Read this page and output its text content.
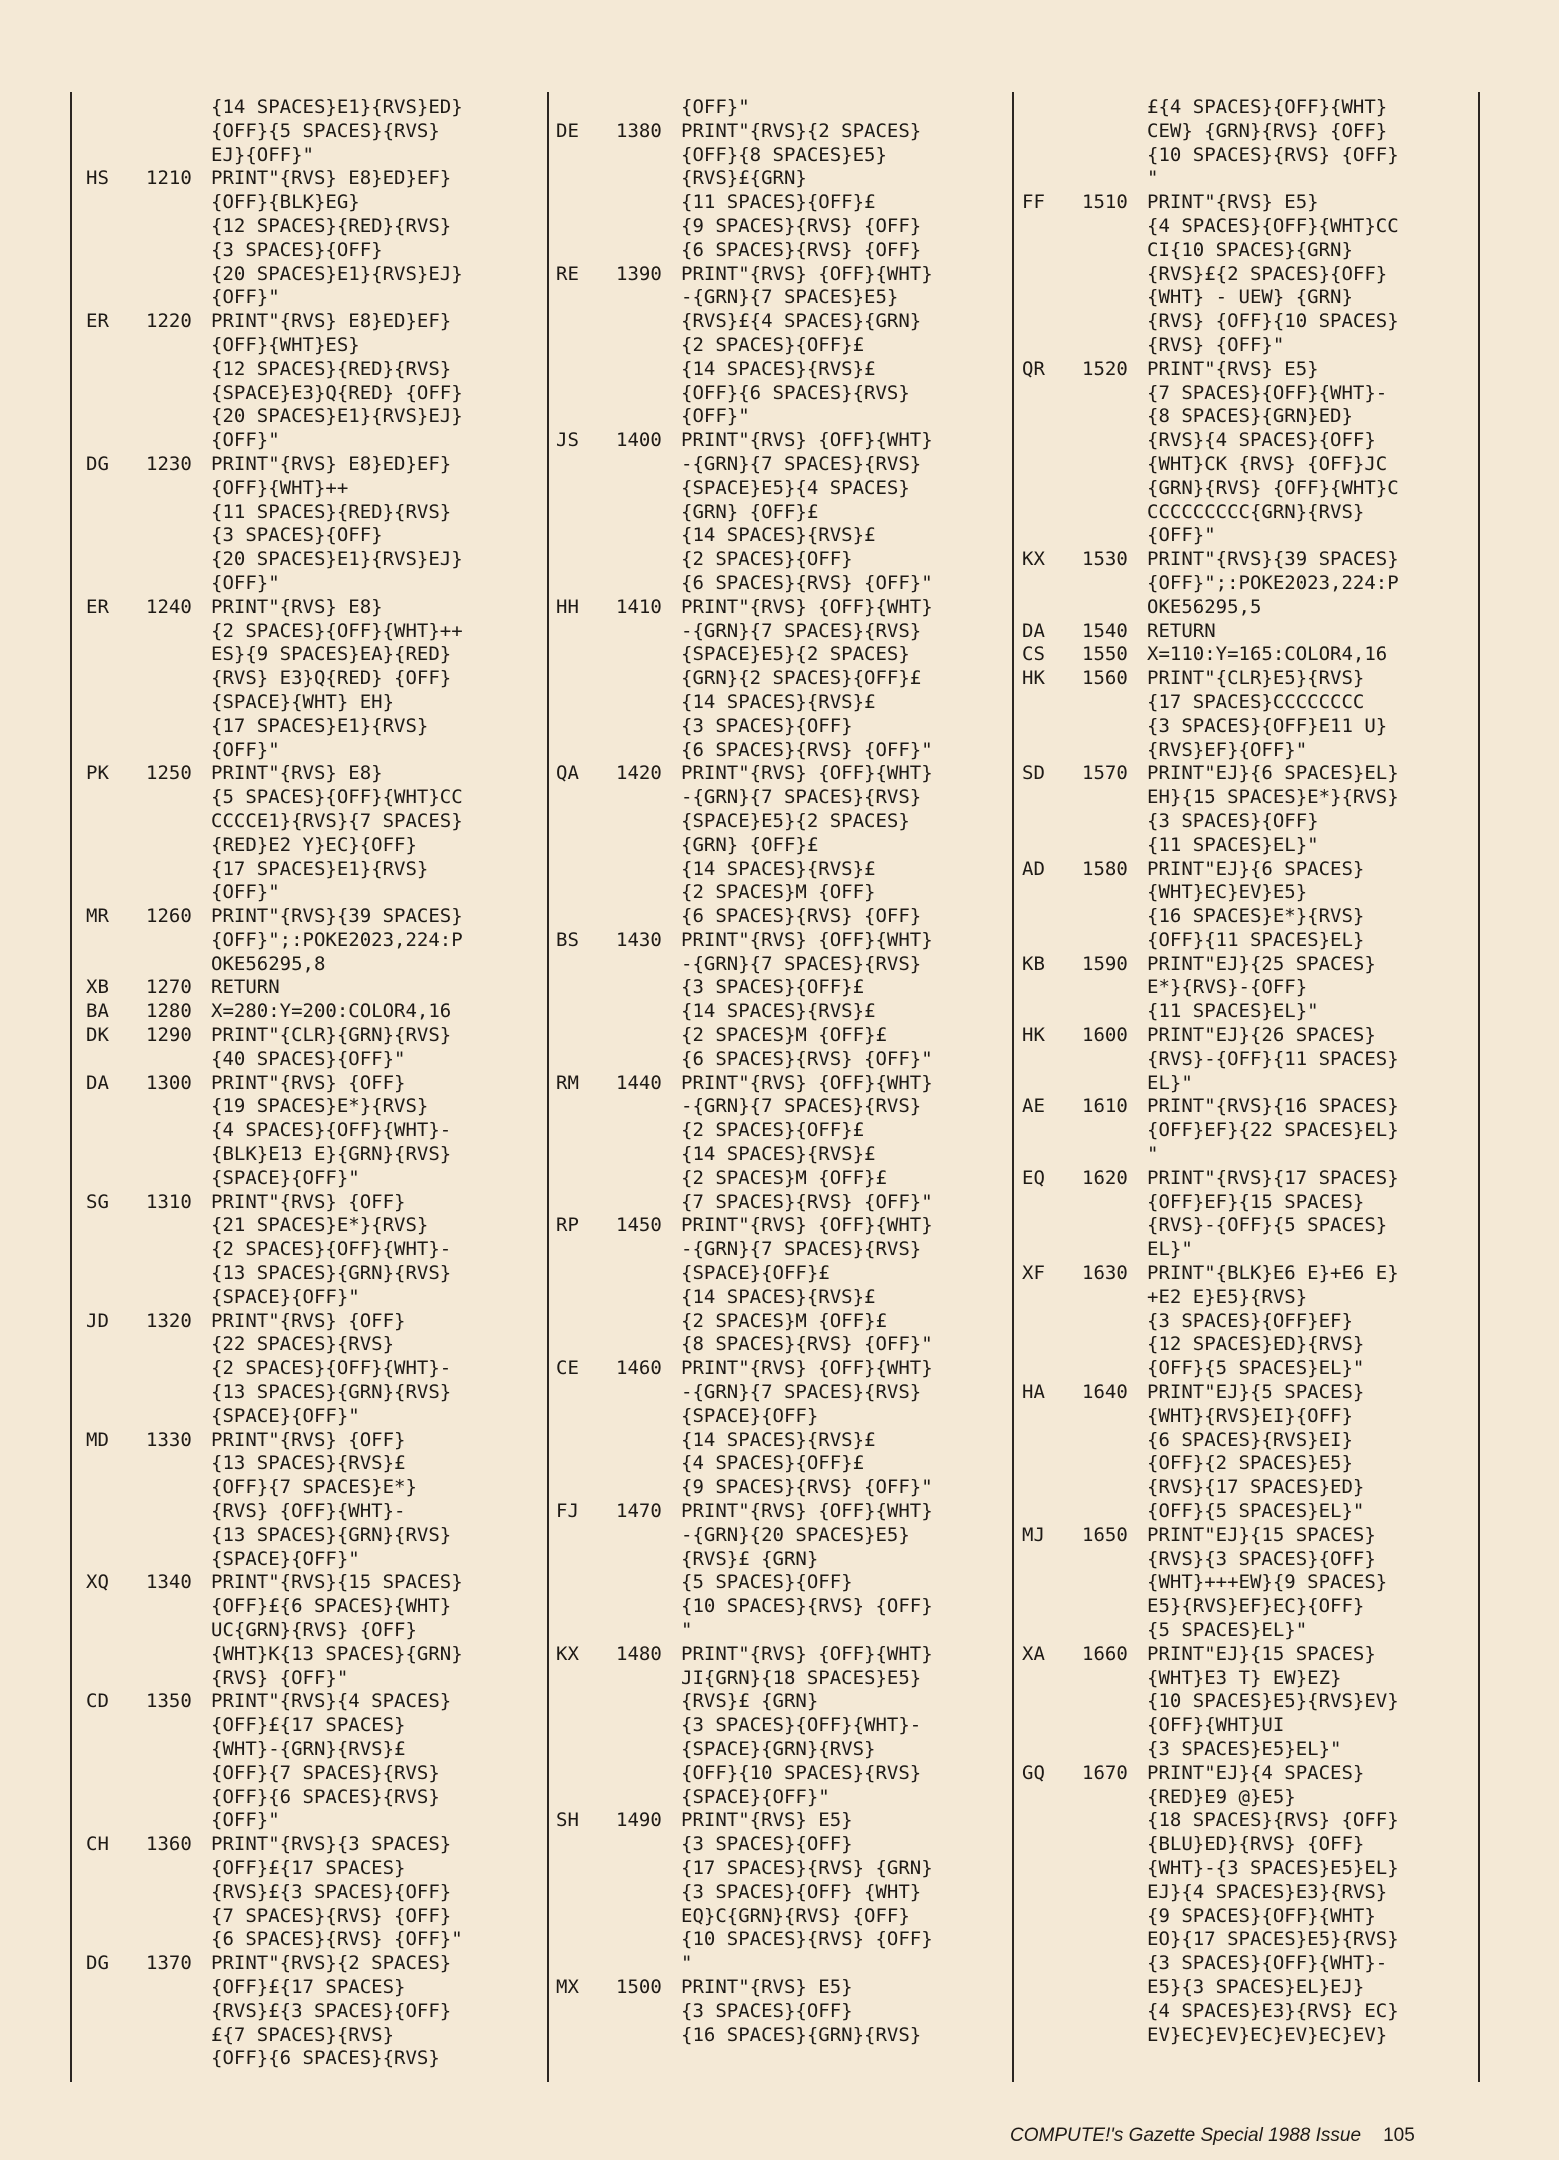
{14 SPACES}E1}{RVS}ED}
{OFF}{5 SPACES}{RVS}
EJ}{OFF}"
HS	1210	PRINT"{RVS} E8}ED}EF}
{OFF}{BLK}EG}
{12 SPACES}{RED}{RVS}
{3 SPACES}{OFF}
{20 SPACES}E1}{RVS}EJ}
{OFF}"
ER	1220	PRINT"{RVS} E8}ED}EF}
{OFF}{WHT}ES}
{12 SPACES}{RED}{RVS}
{SPACE}E3}Q{RED} {OFF}
{20 SPACES}E1}{RVS}EJ}
{OFF}"
DG	1230	PRINT"{RVS} E8}ED}EF}
{OFF}{WHT}++
{11 SPACES}{RED}{RVS}
{3 SPACES}{OFF}
{20 SPACES}E1}{RVS}EJ}
{OFF}"
ER	1240	PRINT"{RVS} E8}
{2 SPACES}{OFF}{WHT}++
ES}{9 SPACES}EA}{RED}
{RVS} E3}Q{RED} {OFF}
{SPACE}{WHT} EH}
{17 SPACES}E1}{RVS}
{OFF}"
PK	1250	PRINT"{RVS} E8}
{5 SPACES}{OFF}{WHT}CC
CCCCE1}{RVS}{7 SPACES}
{RED}E2 Y}EC}{OFF}
{17 SPACES}E1}{RVS}
{OFF}"
MR	1260	PRINT"{RVS}{39 SPACES}
{OFF}";:POKE2023,224:P
OKE56295,8
XB	1270	RETURN
BA	1280	X=280:Y=200:COLOR4,16
DK	1290	PRINT"{CLR}{GRN}{RVS}
{40 SPACES}{OFF}"
DA	1300	PRINT"{RVS} {OFF}
{19 SPACES}E*}{RVS}
{4 SPACES}{OFF}{WHT}-
{BLK}E13 E}{GRN}{RVS}
{SPACE}{OFF}"
SG	1310	PRINT"{RVS} {OFF}
{21 SPACES}E*}{RVS}
{2 SPACES}{OFF}{WHT}-
{13 SPACES}{GRN}{RVS}
{SPACE}{OFF}"
JD	1320	PRINT"{RVS} {OFF}
{22 SPACES}{RVS}
{2 SPACES}{OFF}{WHT}-
{13 SPACES}{GRN}{RVS}
{SPACE}{OFF}"
MD	1330	PRINT"{RVS} {OFF}
{13 SPACES}{RVS}£
{OFF}{7 SPACES}E*}
{RVS} {OFF}{WHT}-
{13 SPACES}{GRN}{RVS}
{SPACE}{OFF}"
XQ	1340	PRINT"{RVS}{15 SPACES}
{OFF}£{6 SPACES}{WHT}
UC{GRN}{RVS} {OFF}
{WHT}K{13 SPACES}{GRN}
{RVS} {OFF}"
CD	1350	PRINT"{RVS}{4 SPACES}
{OFF}£{17 SPACES}
{WHT}-{GRN}{RVS}£
{OFF}{7 SPACES}{RVS}
{OFF}{6 SPACES}{RVS}
{OFF}"
CH	1360	PRINT"{RVS}{3 SPACES}
{OFF}£{17 SPACES}
{RVS}£{3 SPACES}{OFF}
{7 SPACES}{RVS} {OFF}
{6 SPACES}{RVS} {OFF}"
DG	1370	PRINT"{RVS}{2 SPACES}
{OFF}£{17 SPACES}
{RVS}£{3 SPACES}{OFF}
£{7 SPACES}{RVS}
{OFF}{6 SPACES}{RVS}
{OFF}"
DE	1380	PRINT"{RVS}{2 SPACES}
{OFF}{8 SPACES}E5}
{RVS}£{GRN}
{11 SPACES}{OFF}£
{9 SPACES}{RVS} {OFF}
{6 SPACES}{RVS} {OFF}
RE	1390	PRINT"{RVS} {OFF}{WHT}
-{GRN}{7 SPACES}E5}
{RVS}£{4 SPACES}{GRN}
{2 SPACES}{OFF}£
{14 SPACES}{RVS}£
{OFF}{6 SPACES}{RVS}
{OFF}"
JS	1400	PRINT"{RVS} {OFF}{WHT}
-{GRN}{7 SPACES}{RVS}
{SPACE}E5}{4 SPACES}
{GRN} {OFF}£
{14 SPACES}{RVS}£
{2 SPACES}{OFF}
{6 SPACES}{RVS} {OFF}"
HH	1410	PRINT"{RVS} {OFF}{WHT}
-{GRN}{7 SPACES}{RVS}
{SPACE}E5}{2 SPACES}
{GRN}{2 SPACES}{OFF}£
{14 SPACES}{RVS}£
{3 SPACES}{OFF}
{6 SPACES}{RVS} {OFF}"
QA	1420	PRINT"{RVS} {OFF}{WHT}
-{GRN}{7 SPACES}{RVS}
{SPACE}E5}{2 SPACES}
{GRN} {OFF}£
{14 SPACES}{RVS}£
{2 SPACES}M {OFF}
{6 SPACES}{RVS} {OFF}
BS	1430	PRINT"{RVS} {OFF}{WHT}
-{GRN}{7 SPACES}{RVS}
{3 SPACES}{OFF}£
{14 SPACES}{RVS}£
{2 SPACES}M {OFF}£
{6 SPACES}{RVS} {OFF}"
RM	1440	PRINT"{RVS} {OFF}{WHT}
-{GRN}{7 SPACES}{RVS}
{2 SPACES}{OFF}£
{14 SPACES}{RVS}£
{2 SPACES}M {OFF}£
{7 SPACES}{RVS} {OFF}"
RP	1450	PRINT"{RVS} {OFF}{WHT}
-{GRN}{7 SPACES}{RVS}
{SPACE}{OFF}£
{14 SPACES}{RVS}£
{2 SPACES}M {OFF}£
{8 SPACES}{RVS} {OFF}"
CE	1460	PRINT"{RVS} {OFF}{WHT}
-{GRN}{7 SPACES}{RVS}
{SPACE}{OFF}
{14 SPACES}{RVS}£
{4 SPACES}{OFF}£
{9 SPACES}{RVS} {OFF}"
FJ	1470	PRINT"{RVS} {OFF}{WHT}
-{GRN}{20 SPACES}E5}
{RVS}£ {GRN}
{5 SPACES}{OFF}
{10 SPACES}{RVS} {OFF}
"
KX	1480	PRINT"{RVS} {OFF}{WHT}
JI{GRN}{18 SPACES}E5}
{RVS}£ {GRN}
{3 SPACES}{OFF}{WHT}-
{SPACE}{GRN}{RVS}
{OFF}{10 SPACES}{RVS}
{SPACE}{OFF}"
SH	1490	PRINT"{RVS} E5}
{3 SPACES}{OFF}
{17 SPACES}{RVS} {GRN}
{3 SPACES}{OFF} {WHT}
EQ}C{GRN}{RVS} {OFF}
{10 SPACES}{RVS} {OFF}
"
MX	1500	PRINT"{RVS} E5}
{3 SPACES}{OFF}
{16 SPACES}{GRN}{RVS}
£{4 SPACES}{OFF}{WHT}
CEW} {GRN}{RVS} {OFF}
{10 SPACES}{RVS} {OFF}
"
FF	1510	PRINT"{RVS} E5}
{4 SPACES}{OFF}{WHT}CC
CI{10 SPACES}{GRN}
{RVS}£{2 SPACES}{OFF}
{WHT} - UEW} {GRN}
{RVS} {OFF}{10 SPACES}
{RVS} {OFF}"
QR	1520	PRINT"{RVS} E5}
{7 SPACES}{OFF}{WHT}-
{8 SPACES}{GRN}ED}
{RVS}{4 SPACES}{OFF}
{WHT}CK {RVS} {OFF}JC
{GRN}{RVS} {OFF}{WHT}C
CCCCCCCCC{GRN}{RVS}
{OFF}"
KX	1530	PRINT"{RVS}{39 SPACES}
{OFF}";:POKE2023,224:P
OKE56295,5
DA	1540	RETURN
CS	1550	X=110:Y=165:COLOR4,16
HK	1560	PRINT"{CLR}E5}{RVS}
{17 SPACES}CCCCCCCC
{3 SPACES}{OFF}E11 U}
{RVS}EF}{OFF}"
SD	1570	PRINT"EJ}{6 SPACES}EL}
EH}{15 SPACES}E*}{RVS}
{3 SPACES}{OFF}
{11 SPACES}EL}"
AD	1580	PRINT"EJ}{6 SPACES}
{WHT}EC}EV}E5}
{16 SPACES}E*}{RVS}
{OFF}{11 SPACES}EL}
KB	1590	PRINT"EJ}{25 SPACES}
E*}{RVS}-{OFF}
{11 SPACES}EL}"
HK	1600	PRINT"EJ}{26 SPACES}
{RVS}-{OFF}{11 SPACES}
EL}"
AE	1610	PRINT"{RVS}{16 SPACES}
{OFF}EF}{22 SPACES}EL}
"
EQ	1620	PRINT"{RVS}{17 SPACES}
{OFF}EF}{15 SPACES}
{RVS}-{OFF}{5 SPACES}
EL}"
XF	1630	PRINT"{BLK}E6 E}+E6 E}
+E2 E}E5}{RVS}
{3 SPACES}{OFF}EF}
{12 SPACES}ED}{RVS}
{OFF}{5 SPACES}EL}"
HA	1640	PRINT"EJ}{5 SPACES}
{WHT}{RVS}EI}{OFF}
{6 SPACES}{RVS}EI}
{OFF}{2 SPACES}E5}
{RVS}{17 SPACES}ED}
{OFF}{5 SPACES}EL}"
MJ	1650	PRINT"EJ}{15 SPACES}
{RVS}{3 SPACES}{OFF}
{WHT}+++EW}{9 SPACES}
E5}{RVS}EF}EC}{OFF}
{5 SPACES}EL}"
XA	1660	PRINT"EJ}{15 SPACES}
{WHT}E3 T} EW}EZ}
{10 SPACES}E5}{RVS}EV}
{OFF}{WHT}UI
{3 SPACES}E5}EL}"
GQ	1670	PRINT"EJ}{4 SPACES}
{RED}E9 @}E5}
{18 SPACES}{RVS} {OFF}
{BLU}ED}{RVS} {OFF}
{WHT}-{3 SPACES}E5}EL}
EJ}{4 SPACES}E3}{RVS}
{9 SPACES}{OFF}{WHT}
EO}{17 SPACES}E5}{RVS}
{3 SPACES}{OFF}{WHT}-
E5}{3 SPACES}EL}EJ}
{4 SPACES}E3}{RVS} EC}
EV}EC}EV}EC}EV}EC}EV}
COMPUTE!'s Gazette Special 1988 Issue 105
